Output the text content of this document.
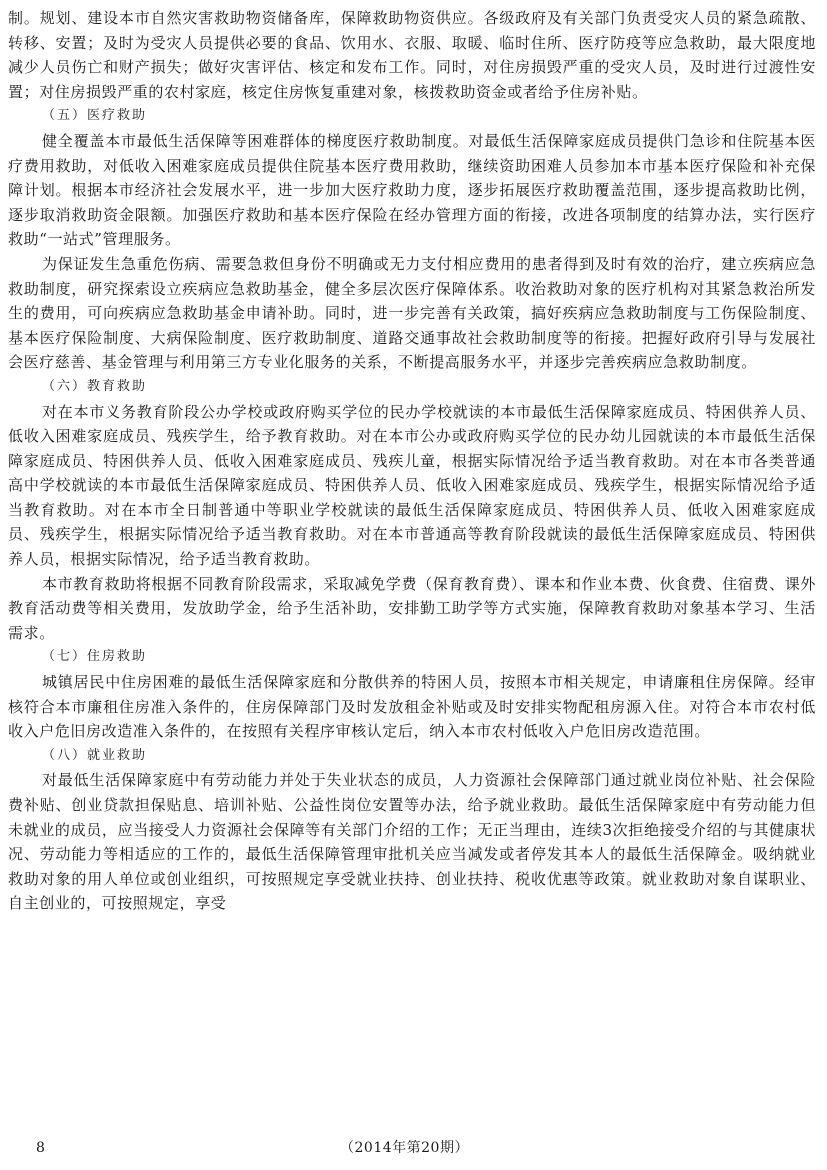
制。规划、建设本市自然灾害救助物资储备库，保障救助物资供应。各级政府及有关部门负责受灾人员的紧急疏散、转移、安置；及时为受灾人员提供必要的食品、饮用水、衣服、取暖、临时住所、医疗防疫等应急救助，最大限度地减少人员伤亡和财产损失；做好灾害评估、核定和发布工作。同时，对住房损毁严重的受灾人员，及时进行过渡性安置；对住房损毁严重的农村家庭，核定住房恢复重建对象，核拨救助资金或者给予住房补贴。

（五）医疗救助

健全覆盖本市最低生活保障等困难群体的梯度医疗救助制度。对最低生活保障家庭成员提供门急诊和住院基本医疗费用救助，对低收入困难家庭成员提供住院基本医疗费用救助，继续资助困难人员参加本市基本医疗保险和补充保障计划。根据本市经济社会发展水平，进一步加大医疗救助力度，逐步拓展医疗救助覆盖范围，逐步提高救助比例，逐步取消救助资金限额。加强医疗救助和基本医疗保险在经办管理方面的衔接，改进各项制度的结算办法，实行医疗救助“一站式”管理服务。

为保证发生急重危伤病、需要急救但身份不明确或无力支付相应费用的患者得到及时有效的治疗，建立疾病应急救助制度，研究探索设立疾病应急救助基金，健全多层次医疗保障体系。收治救助对象的医疗机构对其紧急救治所发生的费用，可向疾病应急救助基金申请补助。同时，进一步完善有关政策，搞好疾病应急救助制度与工伤保险制度、基本医疗保险制度、大病保险制度、医疗救助制度、道路交通事故社会救助制度等的衔接。把握好政府引导与发展社会医疗慈善、基金管理与利用第三方专业化服务的关系，不断提高服务水平，并逐步完善疾病应急救助制度。

（六）教育救助

对在本市义务教育阶段公办学校或政府购买学位的民办学校就读的本市最低生活保障家庭成员、特困供养人员、低收入困难家庭成员、残疾学生，给予教育救助。对在本市公办或政府购买学位的民办幼儿园就读的本市最低生活保障家庭成员、特困供养人员、低收入困难家庭成员、残疾儿童，根据实际情况给予适当教育救助。对在本市各类普通高中学校就读的本市最低生活保障家庭成员、特困供养人员、低收入困难家庭成员、残疾学生，根据实际情况给予适当教育救助。对在本市全日制普通中等职业学校就读的最低生活保障家庭成员、特困供养人员、低收入困难家庭成员、残疾学生，根据实际情况给予适当教育救助。对在本市普通高等教育阶段就读的最低生活保障家庭成员、特困供养人员，根据实际情况，给予适当教育救助。

本市教育救助将根据不同教育阶段需求，采取减免学费（保育教育费）、课本和作业本费、伙食费、住宿费、课外教育活动费等相关费用，发放助学金，给予生活补助，安排勤工助学等方式实施，保障教育救助对象基本学习、生活需求。

（七）住房救助

城镇居民中住房困难的最低生活保障家庭和分散供养的特困人员，按照本市相关规定，申请廉租住房保障。经审核符合本市廉租住房准入条件的，住房保障部门及时发放租金补贴或及时安排实物配租房源入住。对符合本市农村低收入户危旧房改造准入条件的，在按照有关程序审核认定后，纳入本市农村低收入户危旧房改造范围。

（八）就业救助

对最低生活保障家庭中有劳动能力并处于失业状态的成员，人力资源社会保障部门通过就业岗位补贴、社会保险费补贴、创业贷款担保贴息、培训补贴、公益性岗位安置等办法，给予就业救助。最低生活保障家庭中有劳动能力但未就业的成员，应当接受人力资源社会保障等有关部门介绍的工作；无正当理由，连续3次拒绝接受介绍的与其健康状况、劳动能力等相适应的工作的，最低生活保障管理审批机关应当减发或者停发其本人的最低生活保障金。吸纳就业救助对象的用人单位或创业组织，可按照规定享受就业扶持、创业扶持、税收优惠等政策。就业救助对象自谋职业、自主创业的，可按照规定，享受

8	（2014年第20期）
